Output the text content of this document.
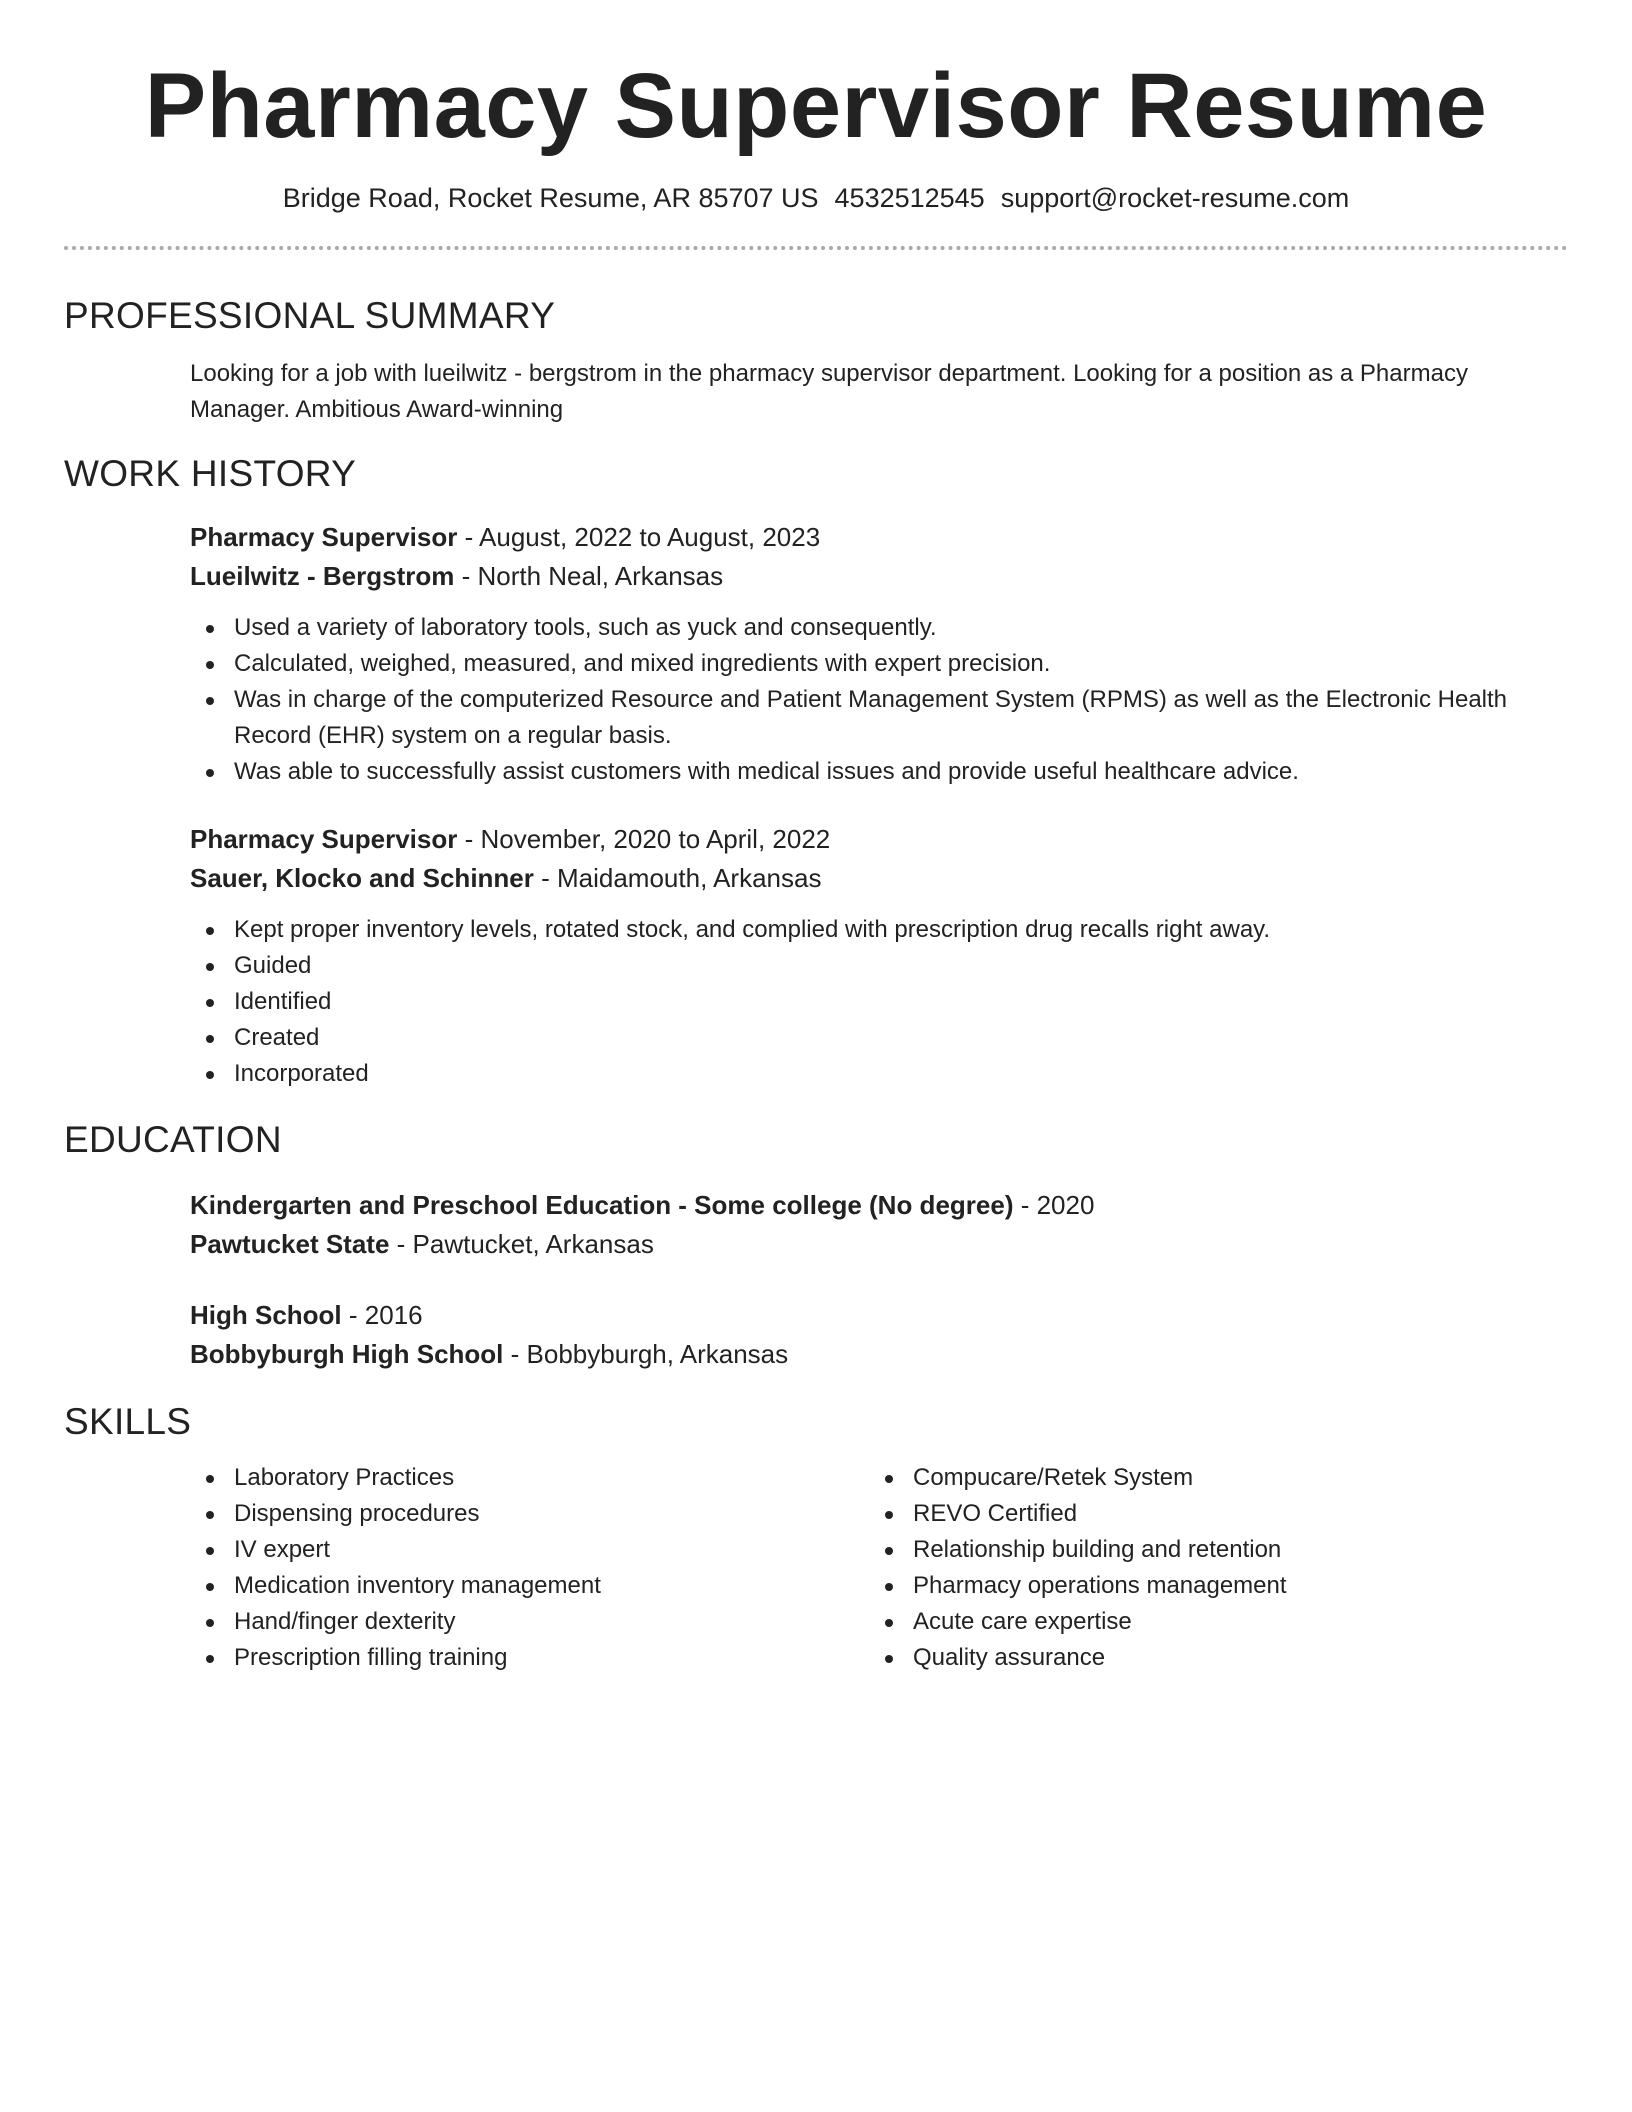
Pharmacy Supervisor Resume
Bridge Road, Rocket Resume, AR 85707 US 4532512545 support@rocket-resume.com
PROFESSIONAL SUMMARY

Looking for a job with lueilwitz - bergstrom in the pharmacy supervisor department. Looking for a position as a Pharmacy Manager. Ambitious Award-winning

WORK HISTORY
Pharmacy Supervisor - August, 2022 to August, 2023
Lueilwitz - Bergstrom - North Neal, Arkansas
Used a variety of laboratory tools, such as yuck and consequently.
Calculated, weighed, measured, and mixed ingredients with expert precision.
Was in charge of the computerized Resource and Patient Management System (RPMS) as well as the Electronic Health Record (EHR) system on a regular basis.
Was able to successfully assist customers with medical issues and provide useful healthcare advice.
Pharmacy Supervisor - November, 2020 to April, 2022
Sauer, Klocko and Schinner - Maidamouth, Arkansas
Kept proper inventory levels, rotated stock, and complied with prescription drug recalls right away.
Guided
Identified
Created
Incorporated
EDUCATION
Kindergarten and Preschool Education - Some college (No degree) - 2020
Pawtucket State - Pawtucket, Arkansas
High School - 2016
Bobbyburgh High School - Bobbyburgh, Arkansas
SKILLS
Laboratory Practices
Dispensing procedures
IV expert
Medication inventory management
Hand/finger dexterity
Prescription filling training
Compucare/Retek System
REVO Certified
Relationship building and retention
Pharmacy operations management
Acute care expertise
Quality assurance
